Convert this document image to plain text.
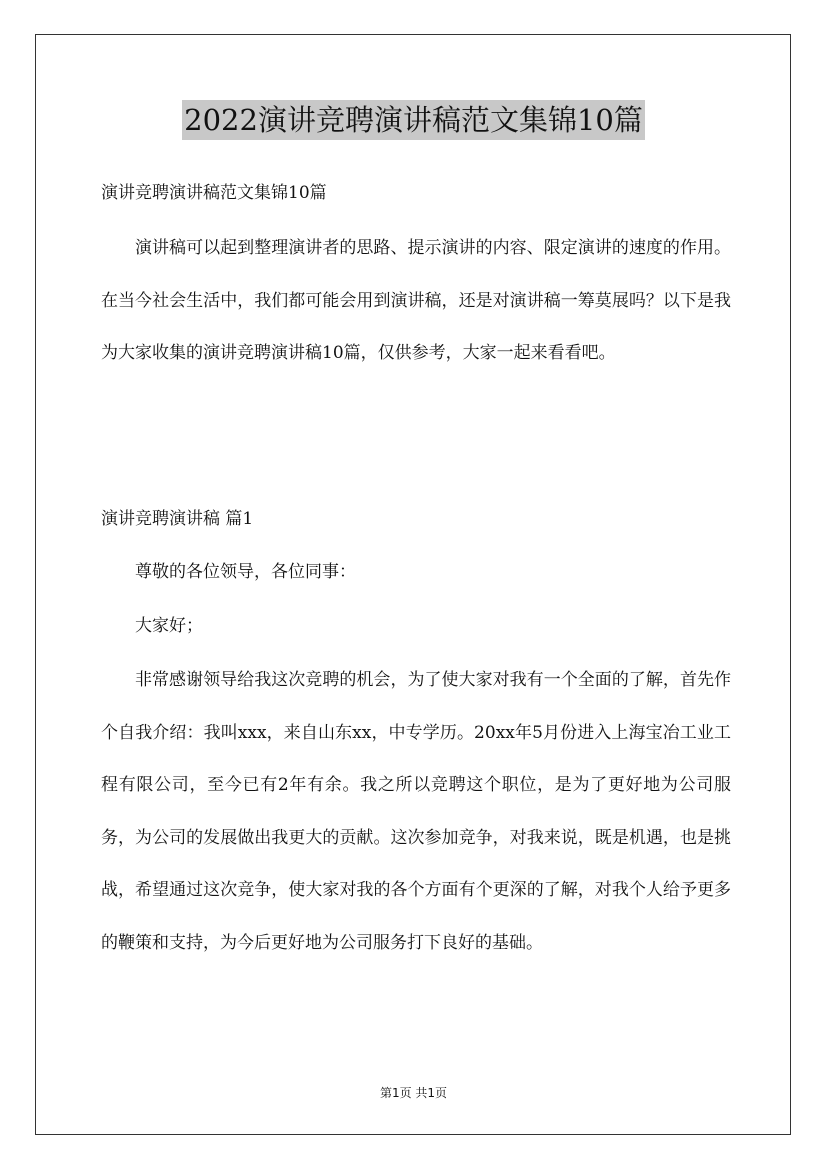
2022演讲竞聘演讲稿范文集锦10篇
演讲竞聘演讲稿范文集锦10篇
演讲稿可以起到整理演讲者的思路、提示演讲的内容、限定演讲的速度的作用。在当今社会生活中，我们都可能会用到演讲稿，还是对演讲稿一筹莫展吗？以下是我为大家收集的演讲竞聘演讲稿10篇，仅供参考，大家一起来看看吧。
演讲竞聘演讲稿 篇1
尊敬的各位领导，各位同事：
大家好；
非常感谢领导给我这次竞聘的机会，为了使大家对我有一个全面的了解，首先作个自我介绍：我叫xxx，来自山东xx，中专学历。20xx年5月份进入上海宝冶工业工程有限公司，至今已有2年有余。我之所以竞聘这个职位，是为了更好地为公司服务，为公司的发展做出我更大的贡献。这次参加竞争，对我来说，既是机遇，也是挑战，希望通过这次竞争，使大家对我的各个方面有个更深的了解，对我个人给予更多的鞭策和支持，为今后更好地为公司服务打下良好的基础。
第1页 共1页
